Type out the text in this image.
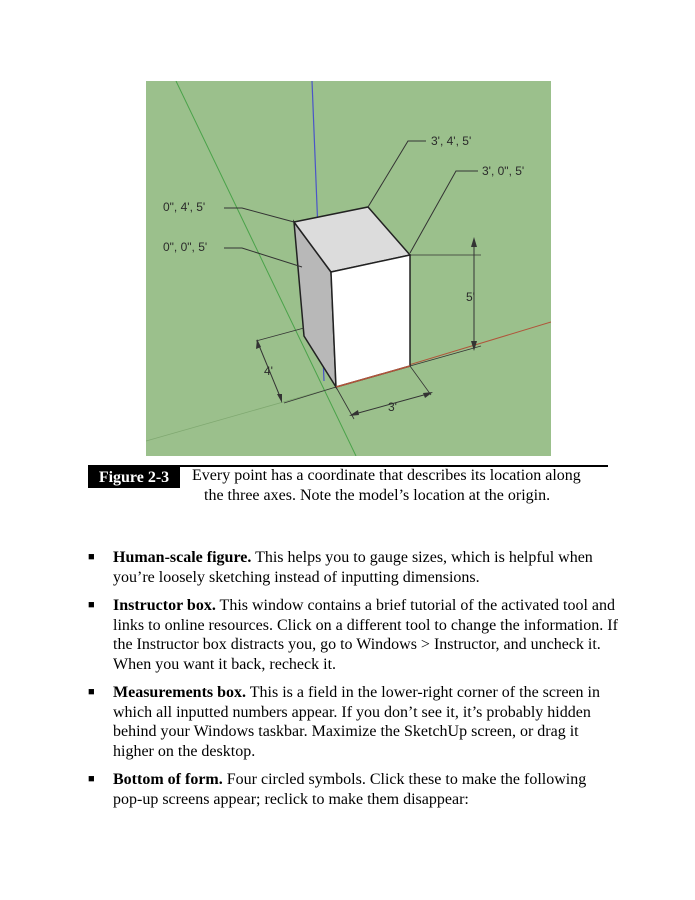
0", 4', 5'
0", 0", 5'
3', 4', 5'
3', 0", 5'
5'
4'
3'
Figure 2-3	Every point has a coordinate that describes its location along
the three axes. Note the model’s location at the origin.
■ Human-scale figure. This helps you to gauge sizes, which is helpful when you’re loosely sketching instead of inputting dimensions.
■ Instructor box. This window contains a brief tutorial of the activated tool and links to online resources. Click on a different tool to change the information. If the Instructor box distracts you, go to Windows > Instructor, and uncheck it. When you want it back, recheck it.
■ Measurements box. This is a field in the lower-right corner of the screen in which all inputted numbers appear. If you don’t see it, it’s probably hidden behind your Windows taskbar. Maximize the SketchUp screen, or drag it higher on the desktop.
■ Bottom of form. Four circled symbols. Click these to make the following pop-up screens appear; reclick to make them disappear:
